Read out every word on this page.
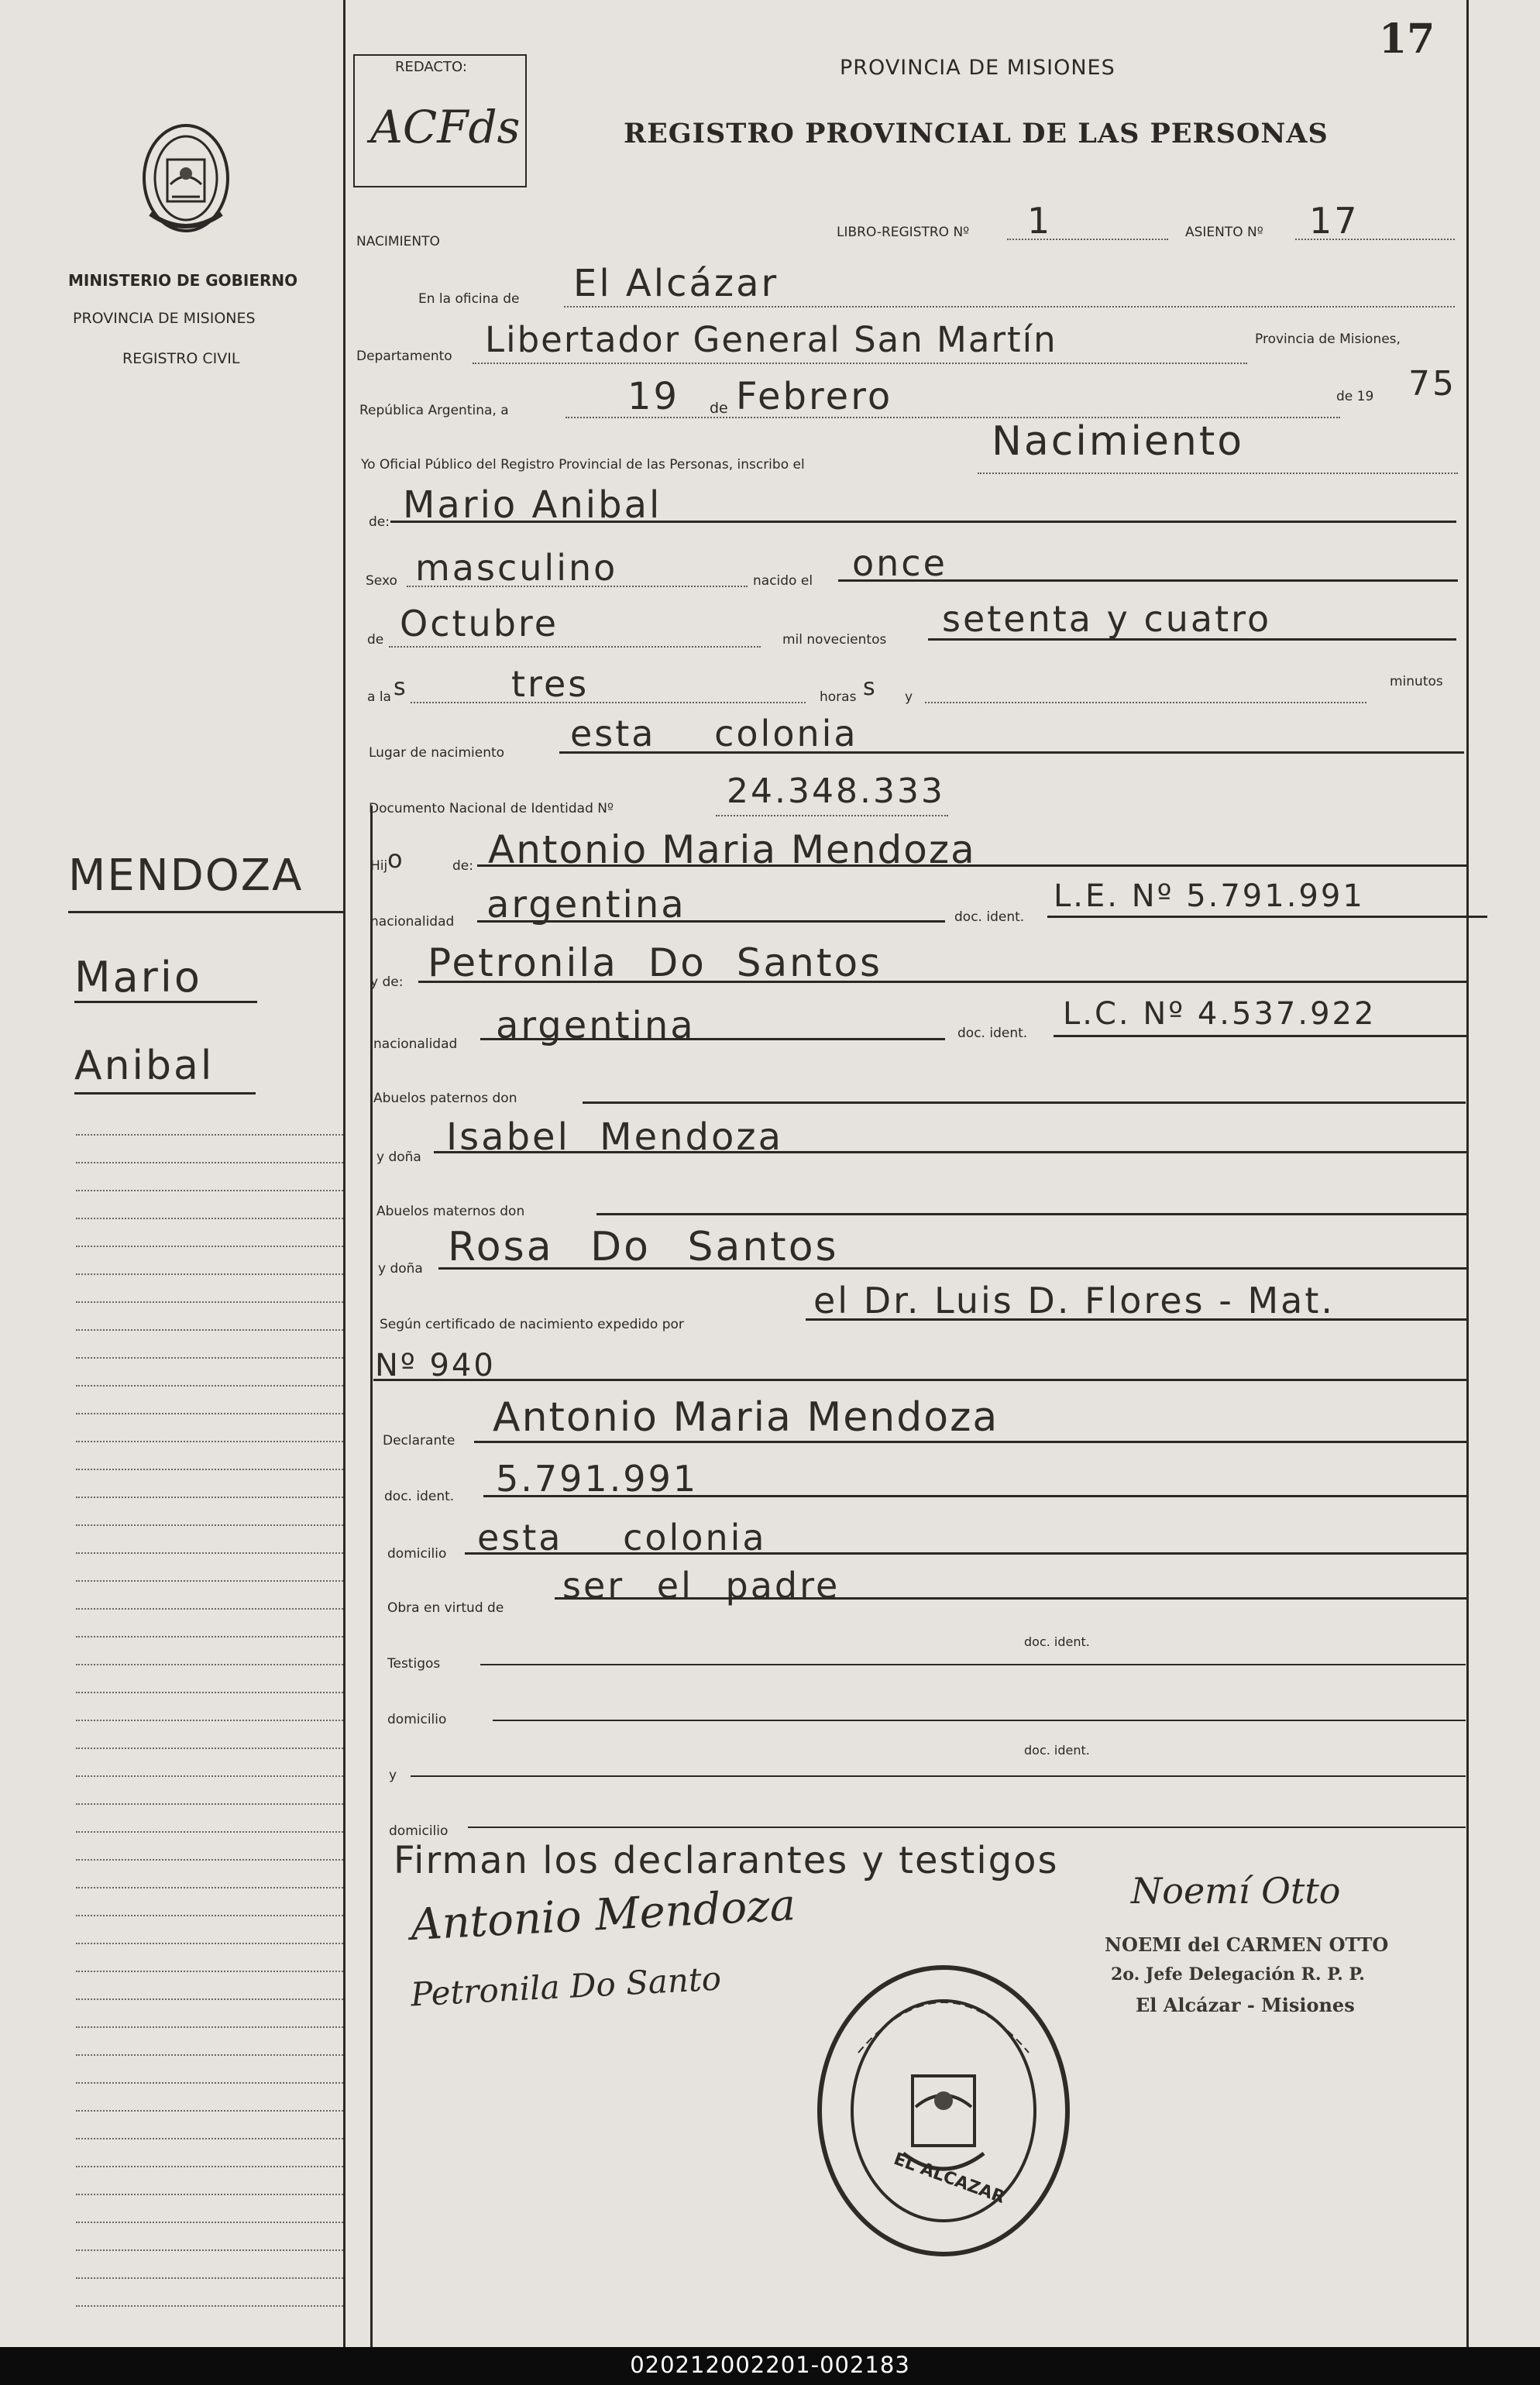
17
REDACTO:
ACFds
PROVINCIA DE MISIONES
REGISTRO PROVINCIAL DE LAS PERSONAS
MINISTERIO DE GOBIERNO
PROVINCIA DE MISIONES
REGISTRO CIVIL
NACIMIENTO
LIBRO-REGISTRO Nº 1	ASIENTO Nº 17
En la oficina de El Alcázar
Departamento Libertador General San Martín	Provincia de Misiones,
República Argentina, a	19 de Febrero	de 19 75
Yo Oficial Público del Registro Provincial de las Personas, inscribo el	Nacimiento
de: Mario Anibal
Sexo masculino	nacido el once
de Octubre	mil novecientos setenta y cuatro
a la s	tres	horas s y
minutos
Lugar de nacimiento esta colonia
Documento Nacional de Identidad Nº	24.348.333
Hij o	de: Antonio Maria Mendoza
nacionalidad argentina	doc. ident.
L.E. Nº 5.791.991
y de: Petronila Do Santos
nacionalidad argentina	doc. ident.
L.C. Nº 4.537.922
Abuelos paternos don
y doña Isabel Mendoza
Abuelos maternos don
y doña Rosa Do Santos
Según certificado de nacimiento expedido por
el Dr. Luis D. Flores - Mat.
Nº 940
Declarante Antonio Maria Mendoza
doc. ident. 5.791.991
domicilio esta colonia
Obra en virtud de
ser el padre
Testigos
doc. ident.
domicilio
y
doc. ident.
domicilio
Firman los declarantes y testigos
Antonio Mendoza
Petronila Do Santo
Noemí Otto
NOEMI del CARMEN OTTO
2o. Jefe Delegación R. P. P.
El Alcázar - Misiones
EL ALCAZAR
MENDOZA
Mario
Anibal
020212002201-002183
